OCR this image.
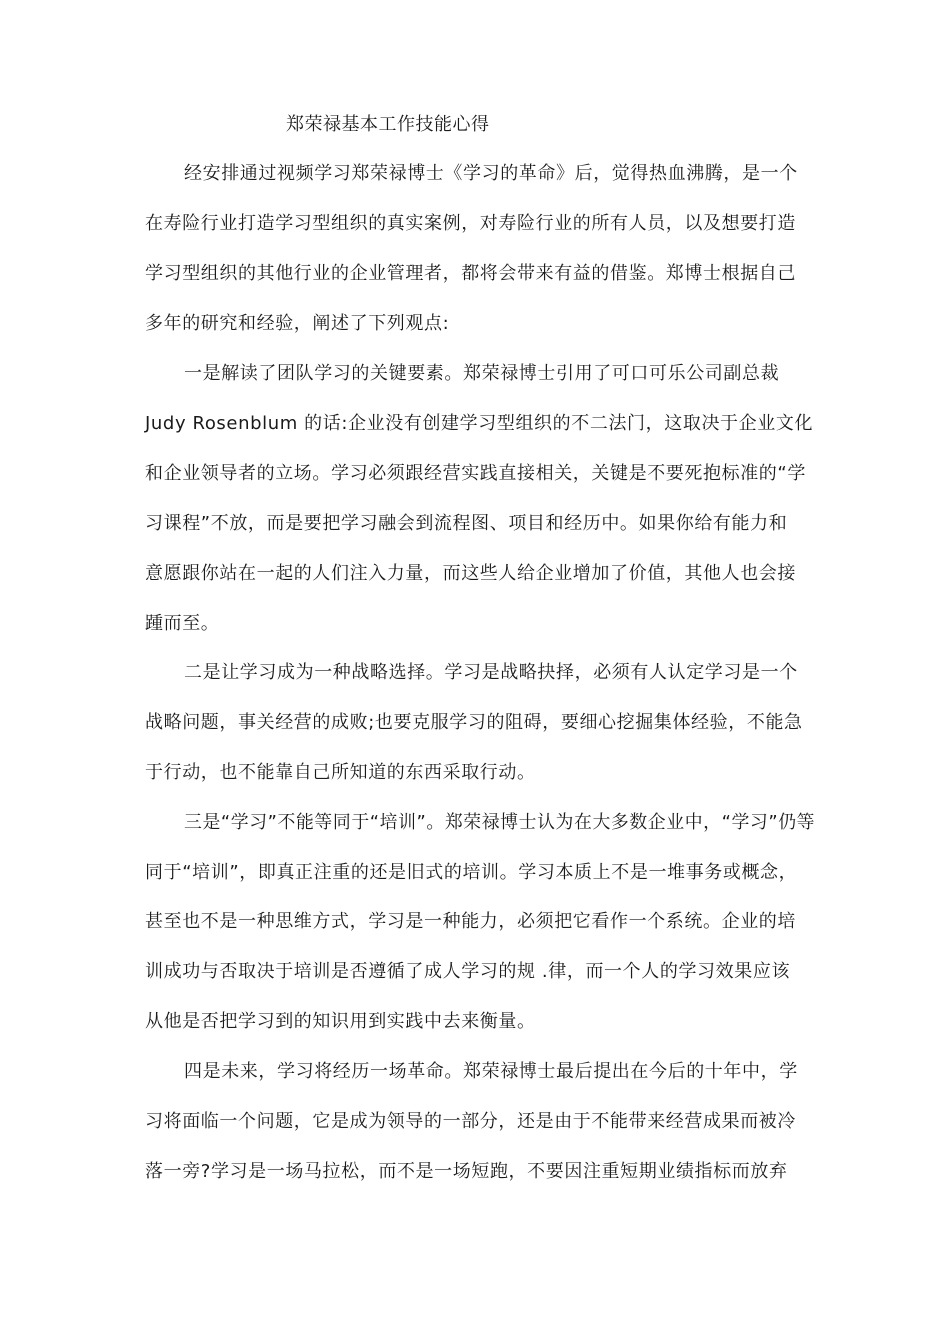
郑荣禄基本工作技能心得
经安排通过视频学习郑荣禄博士《学习的革命》后，觉得热血沸腾，是一个
在寿险行业打造学习型组织的真实案例，对寿险行业的所有人员，以及想要打造
学习型组织的其他行业的企业管理者，都将会带来有益的借鉴。郑博士根据自己
多年的研究和经验，阐述了下列观点:
一是解读了团队学习的关键要素。郑荣禄博士引用了可口可乐公司副总裁
Judy Rosenblum 的话:企业没有创建学习型组织的不二法门，这取决于企业文化
和企业领导者的立场。学习必须跟经营实践直接相关，关键是不要死抱标准的“学
习课程”不放，而是要把学习融会到流程图、项目和经历中。如果你给有能力和
意愿跟你站在一起的人们注入力量，而这些人给企业增加了价值，其他人也会接
踵而至。
二是让学习成为一种战略选择。学习是战略抉择，必须有人认定学习是一个
战略问题，事关经营的成败;也要克服学习的阻碍，要细心挖掘集体经验，不能急
于行动，也不能靠自己所知道的东西采取行动。
三是“学习”不能等同于“培训”。郑荣禄博士认为在大多数企业中，“学习”仍等
同于“培训”，即真正注重的还是旧式的培训。学习本质上不是一堆事务或概念，
甚至也不是一种思维方式，学习是一种能力，必须把它看作一个系统。企业的培
训成功与否取决于培训是否遵循了成人学习的规 .律，而一个人的学习效果应该
从他是否把学习到的知识用到实践中去来衡量。
四是未来，学习将经历一场革命。郑荣禄博士最后提出在今后的十年中，学
习将面临一个问题，它是成为领导的一部分，还是由于不能带来经营成果而被冷
落一旁?学习是一场马拉松，而不是一场短跑，不要因注重短期业绩指标而放弃
